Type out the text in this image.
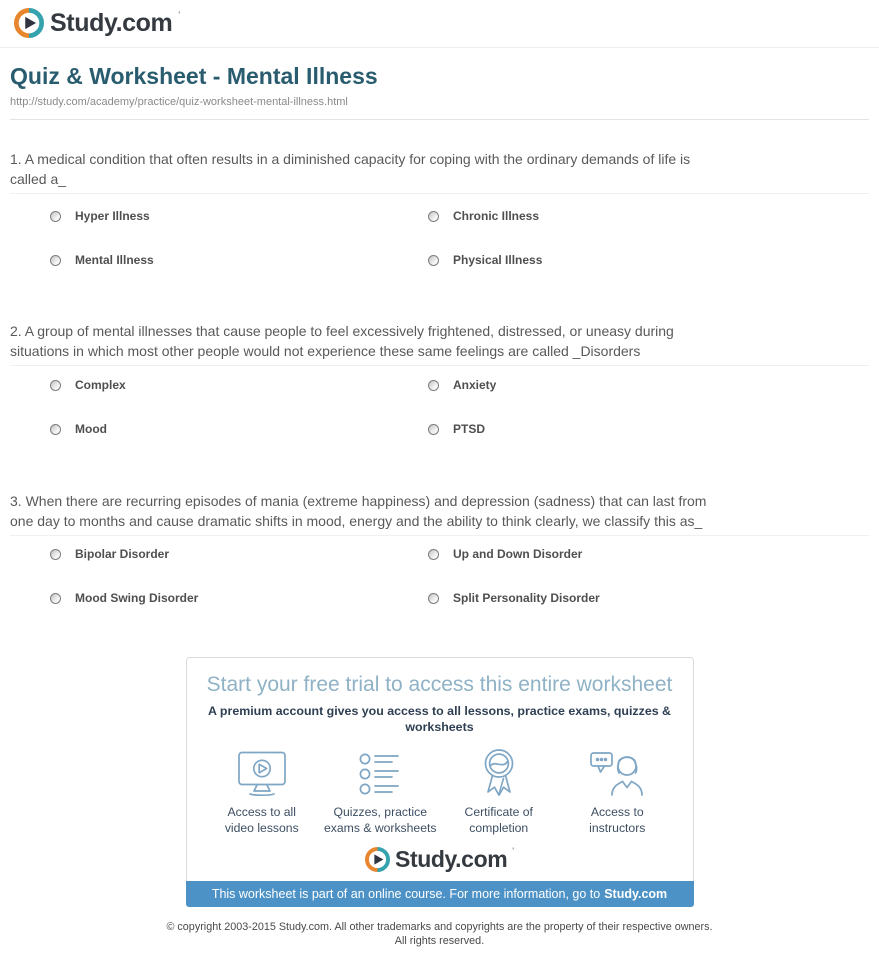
Study.com '
Quiz & Worksheet - Mental Illness
http://study.com/academy/practice/quiz-worksheet-mental-illness.html
1. A medical condition that often results in a diminished capacity for coping with the ordinary demands of life is called a_
Hyper Illness	Chronic Illness
Mental Illness	Physical Illness
2. A group of mental illnesses that cause people to feel excessively frightened, distressed, or uneasy during situations in which most other people would not experience these same feelings are called _Disorders
Complex	Anxiety
Mood	PTSD
3. When there are recurring episodes of mania (extreme happiness) and depression (sadness) that can last from one day to months and cause dramatic shifts in mood, energy and the ability to think clearly, we classify this as_
Bipolar Disorder	Up and Down Disorder
Mood Swing Disorder	Split Personality Disorder
Start your free trial to access this entire worksheet
A premium account gives you access to all lessons, practice exams, quizzes & worksheets
Access to all
video lessons
Quizzes, practice
exams & worksheets
Certificate of
completion
Access to
instructors
Study.com '
This worksheet is part of an online course. For more information, go to Study.com
© copyright 2003-2015 Study.com. All other trademarks and copyrights are the property of their respective owners.
All rights reserved.
